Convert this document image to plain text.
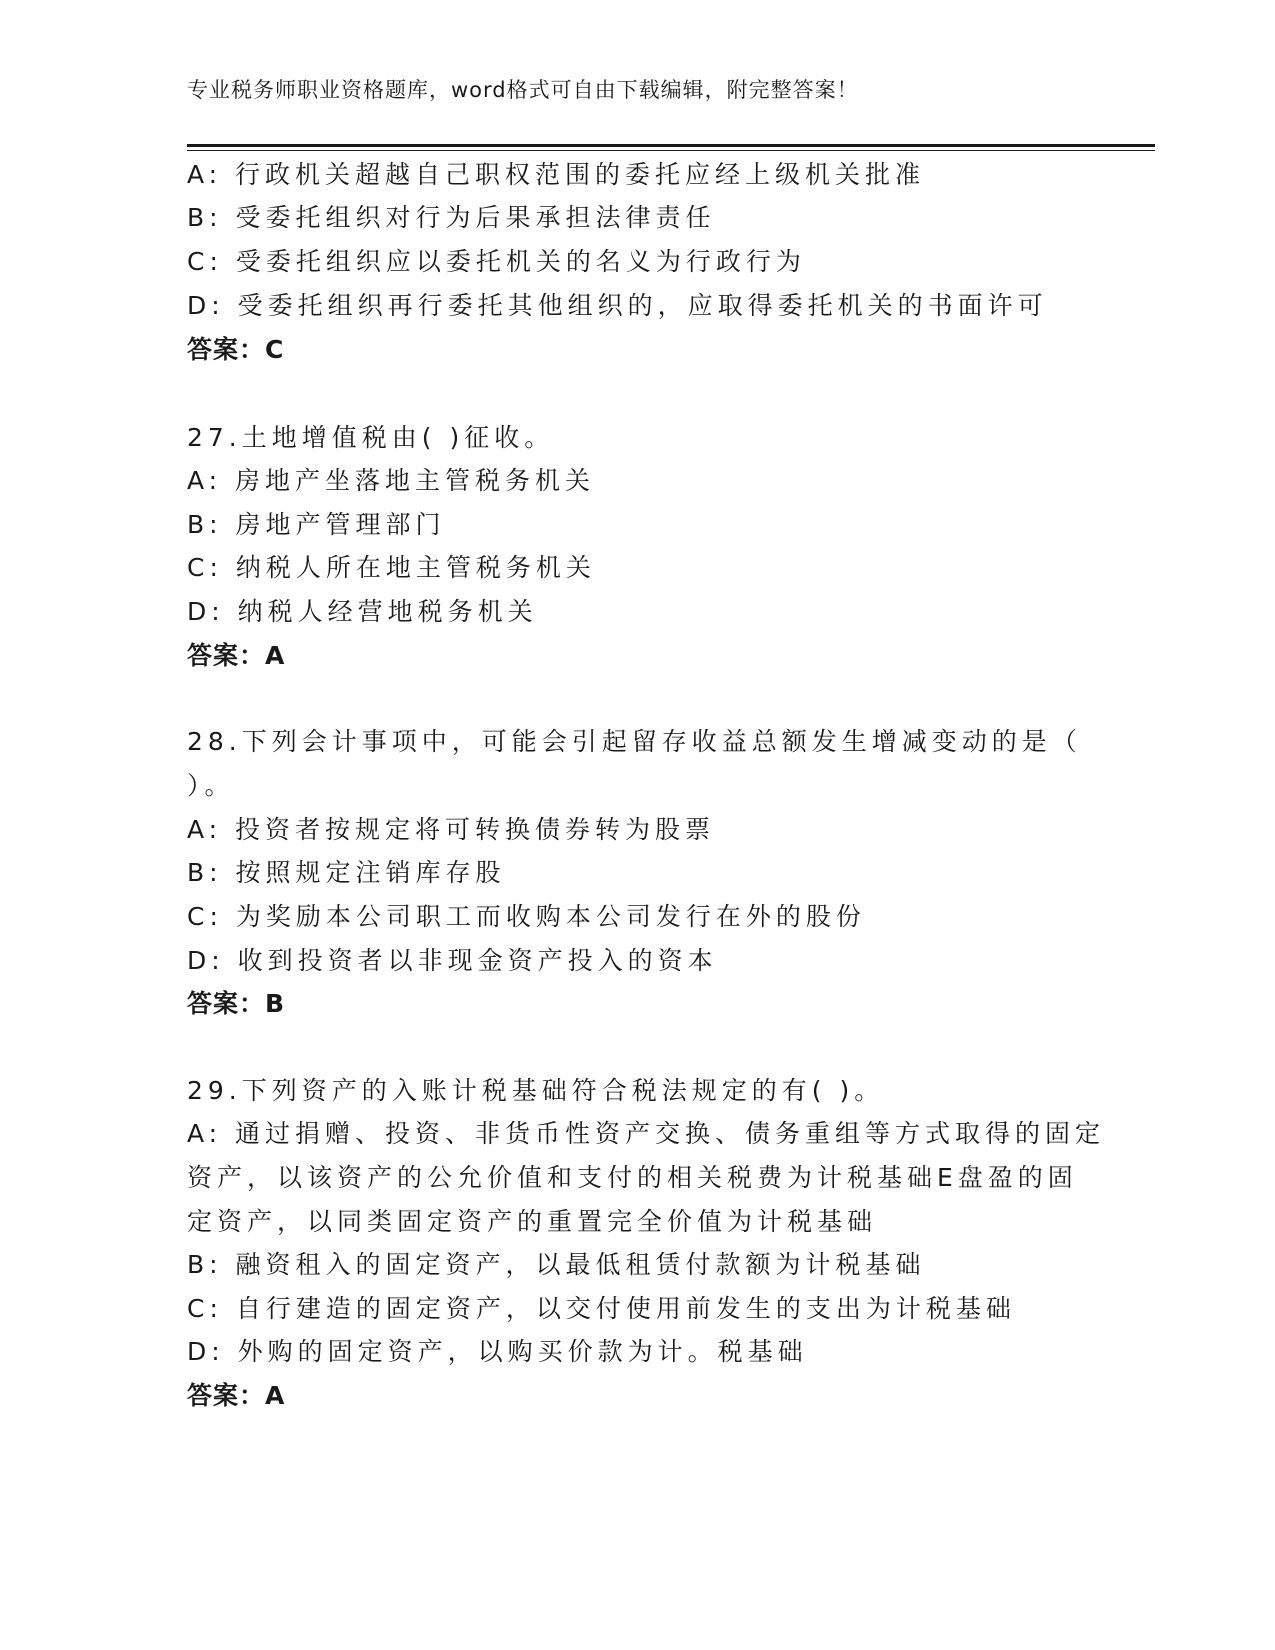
专业税务师职业资格题库，word格式可自由下载编辑，附完整答案！
A: 行政机关超越自己职权范围的委托应经上级机关批准
B: 受委托组织对行为后果承担法律责任
C: 受委托组织应以委托机关的名义为行政行为
D: 受委托组织再行委托其他组织的，应取得委托机关的书面许可
答案：C
27.土地增值税由( )征收。
A: 房地产坐落地主管税务机关
B: 房地产管理部门
C: 纳税人所在地主管税务机关
D: 纳税人经营地税务机关
答案：A
28.下列会计事项中，可能会引起留存收益总额发生增减变动的是（
）。
A: 投资者按规定将可转换债券转为股票
B: 按照规定注销库存股
C: 为奖励本公司职工而收购本公司发行在外的股份
D: 收到投资者以非现金资产投入的资本
答案：B
29.下列资产的入账计税基础符合税法规定的有( )。
A: 通过捐赠、投资、非货币性资产交换、债务重组等方式取得的固定
资产，以该资产的公允价值和支付的相关税费为计税基础E盘盈的固
定资产，以同类固定资产的重置完全价值为计税基础
B: 融资租入的固定资产，以最低租赁付款额为计税基础
C: 自行建造的固定资产，以交付使用前发生的支出为计税基础
D: 外购的固定资产，以购买价款为计。税基础
答案：A
